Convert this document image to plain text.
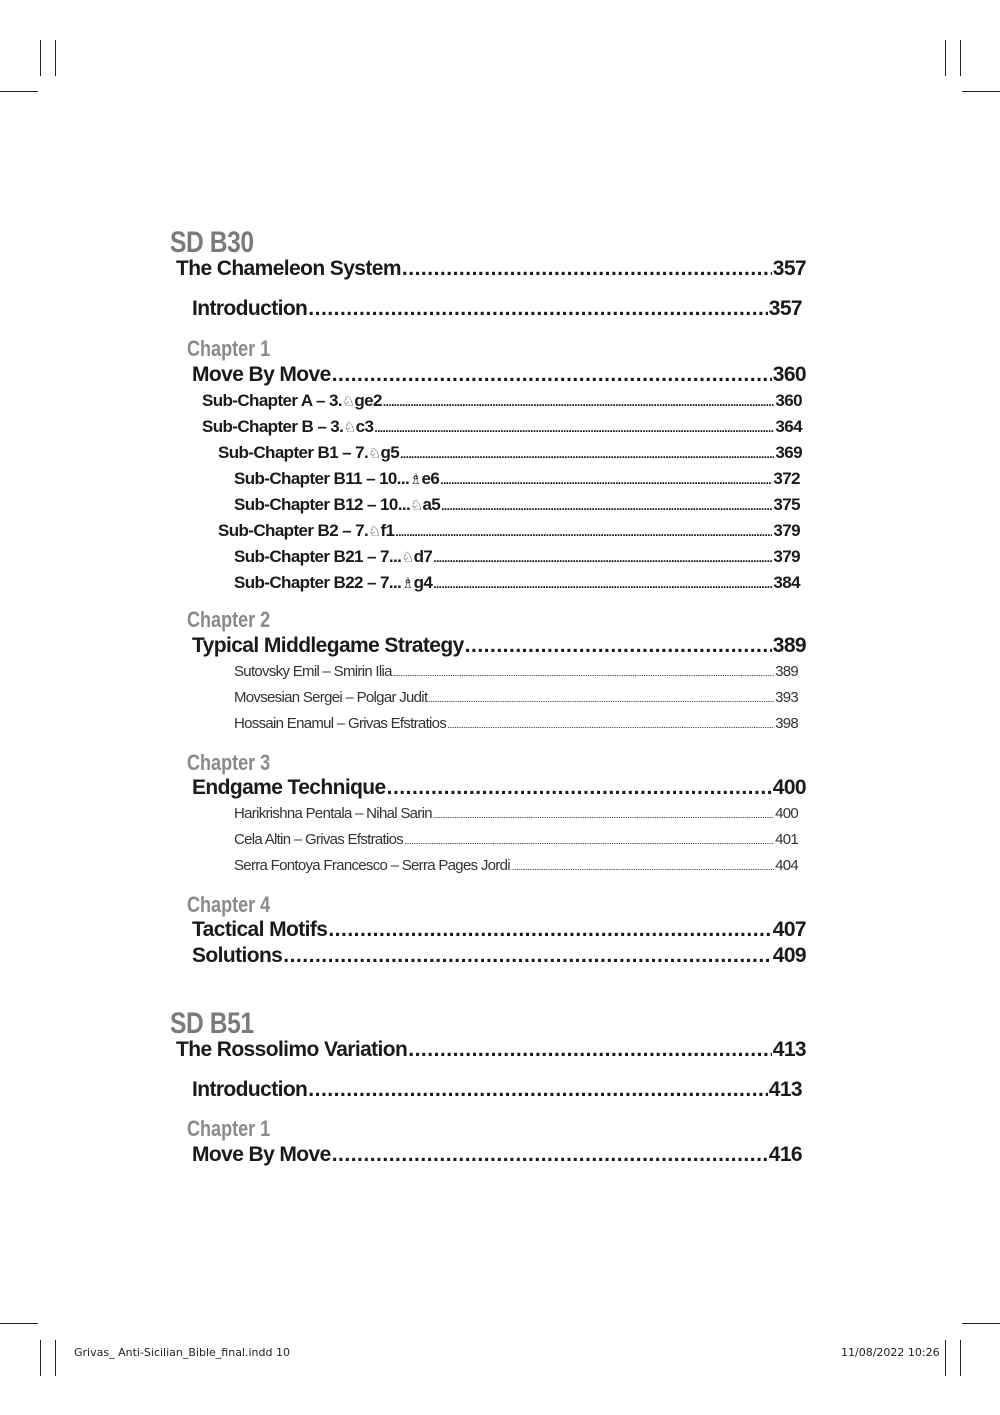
Grivas_ Anti-Sicilian_Bible_final.indd 10	11/08/2022 10:26
SD B30
The Chameleon System .....	357
Introduction .....	357
Chapter 1
Move By Move .....	360
Sub-Chapter A – 3.♘ge2 .....	360
Sub-Chapter B – 3.♘c3 .....	364
Sub-Chapter B1 – 7.♘g5 .....	369
Sub-Chapter B11 – 10...♗e6 .....	372
Sub-Chapter B12 – 10...♘a5 .....	375
Sub-Chapter B2 – 7.♘f1 .....	379
Sub-Chapter B21 – 7...♘d7 .....	379
Sub-Chapter B22 – 7...♗g4 .....	384
Chapter 2
Typical Middlegame Strategy .....	389
Sutovsky Emil – Smirin Ilia .....	389
Movsesian Sergei – Polgar Judit .....	393
Hossain Enamul – Grivas Efstratios .....	398
Chapter 3
Endgame Technique .....	400
Harikrishna Pentala – Nihal Sarin .....	400
Cela Altin – Grivas Efstratios .....	401
Serra Fontoya Francesco – Serra Pages Jordi .....	404
Chapter 4
Tactical Motifs .....	407
Solutions .....	409
SD B51
The Rossolimo Variation .....	413
Introduction .....	413
Chapter 1
Move By Move .....	416
